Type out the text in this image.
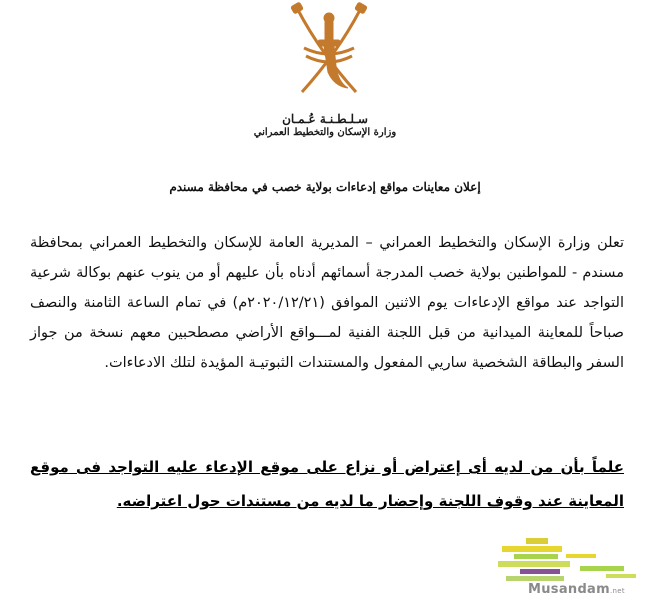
سـلـطـنـة عُـمـان
وزارة الإسكان والتخطيط العمراني
إعلان معاينات مواقع إدعاءات بولاية خصب في محافظة مسندم
تعلن وزارة الإسكان والتخطيط العمراني – المديرية العامة للإسكان والتخطيط العمراني بمحافظة مسندم - للمواطنين بولاية خصب المدرجة أسمائهم أدناه بأن عليهم أو من ينوب عنهم بوكالة شرعية التواجد عند مواقع الإدعاءات يوم الاثنين الموافق (٢٠٢٠/١٢/٢١م) في تمام الساعة الثامنة والنصف صباحاً للمعاينة الميدانية من قبل اللجنة الفنية لمـــواقع الأراضي مصطحبين معهم نسخة من جواز السفر والبطاقة الشخصية ساريي المفعول والمستندات الثبوتيـة المؤيدة لتلك الادعاءات.
علماً بأن من لديه أى إعتراض أو نزاع على موقع الإدعاء عليه التواجد فى موقع المعاينة عند وقوف اللجنة وإحضار ما لديه من مستندات حول اعتراضه.
Musandam.net
